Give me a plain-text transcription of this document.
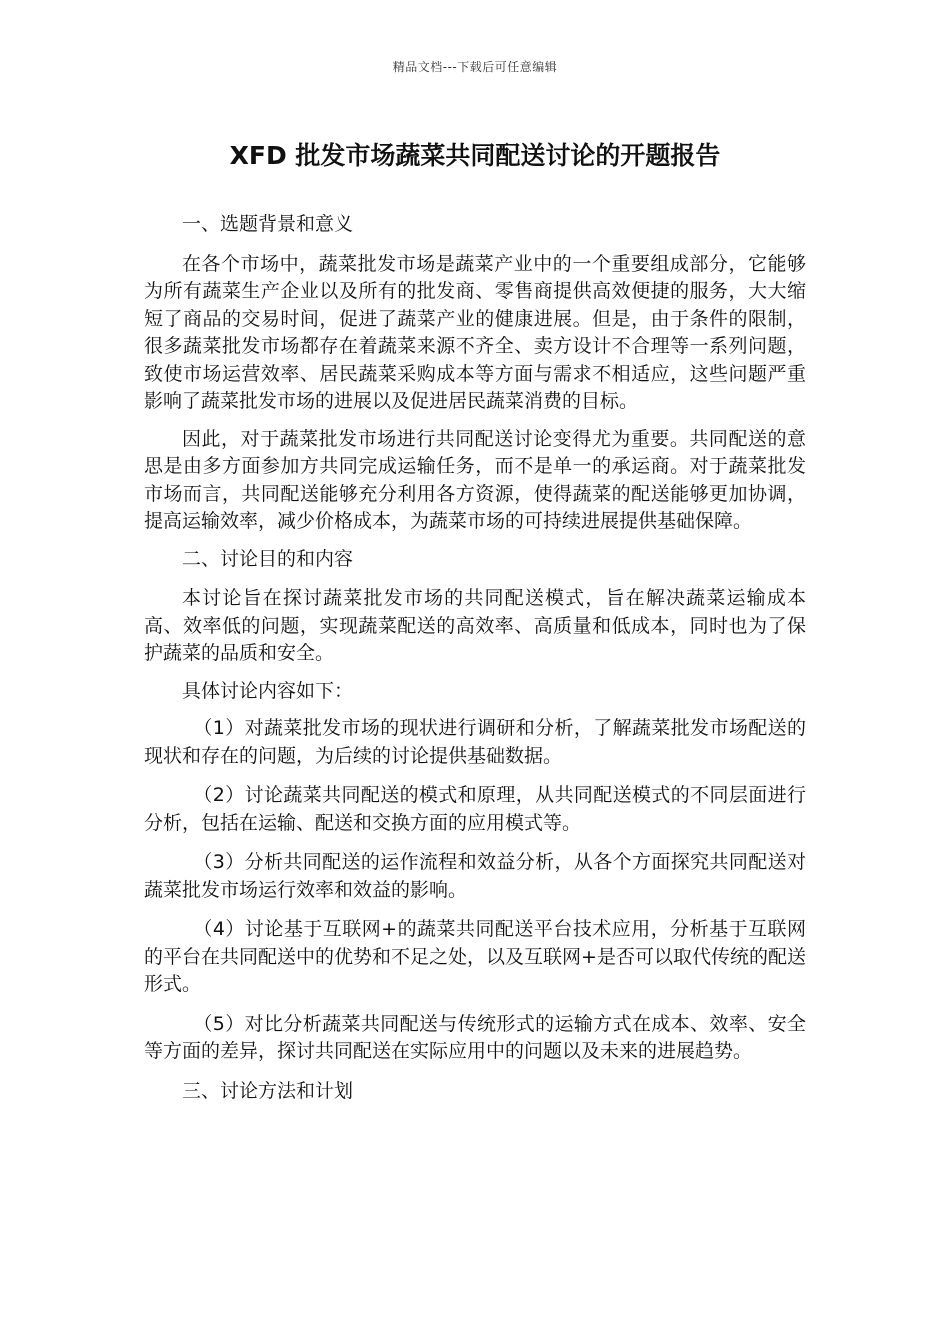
精品文档---下载后可任意编辑
XFD 批发市场蔬菜共同配送讨论的开题报告

一、选题背景和意义

在各个市场中，蔬菜批发市场是蔬菜产业中的一个重要组成部分，它能够为所有蔬菜生产企业以及所有的批发商、零售商提供高效便捷的服务，大大缩短了商品的交易时间，促进了蔬菜产业的健康进展。但是，由于条件的限制，很多蔬菜批发市场都存在着蔬菜来源不齐全、卖方设计不合理等一系列问题，致使市场运营效率、居民蔬菜采购成本等方面与需求不相适应，这些问题严重影响了蔬菜批发市场的进展以及促进居民蔬菜消费的目标。

因此，对于蔬菜批发市场进行共同配送讨论变得尤为重要。共同配送的意思是由多方面参加方共同完成运输任务，而不是单一的承运商。对于蔬菜批发市场而言，共同配送能够充分利用各方资源，使得蔬菜的配送能够更加协调，提高运输效率，减少价格成本，为蔬菜市场的可持续进展提供基础保障。

二、讨论目的和内容

本讨论旨在探讨蔬菜批发市场的共同配送模式，旨在解决蔬菜运输成本高、效率低的问题，实现蔬菜配送的高效率、高质量和低成本，同时也为了保护蔬菜的品质和安全。

具体讨论内容如下：

（1）对蔬菜批发市场的现状进行调研和分析，了解蔬菜批发市场配送的现状和存在的问题，为后续的讨论提供基础数据。

（2）讨论蔬菜共同配送的模式和原理，从共同配送模式的不同层面进行分析，包括在运输、配送和交换方面的应用模式等。

（3）分析共同配送的运作流程和效益分析，从各个方面探究共同配送对蔬菜批发市场运行效率和效益的影响。

（4）讨论基于互联网+的蔬菜共同配送平台技术应用，分析基于互联网的平台在共同配送中的优势和不足之处，以及互联网+是否可以取代传统的配送形式。

（5）对比分析蔬菜共同配送与传统形式的运输方式在成本、效率、安全等方面的差异，探讨共同配送在实际应用中的问题以及未来的进展趋势。

三、讨论方法和计划
